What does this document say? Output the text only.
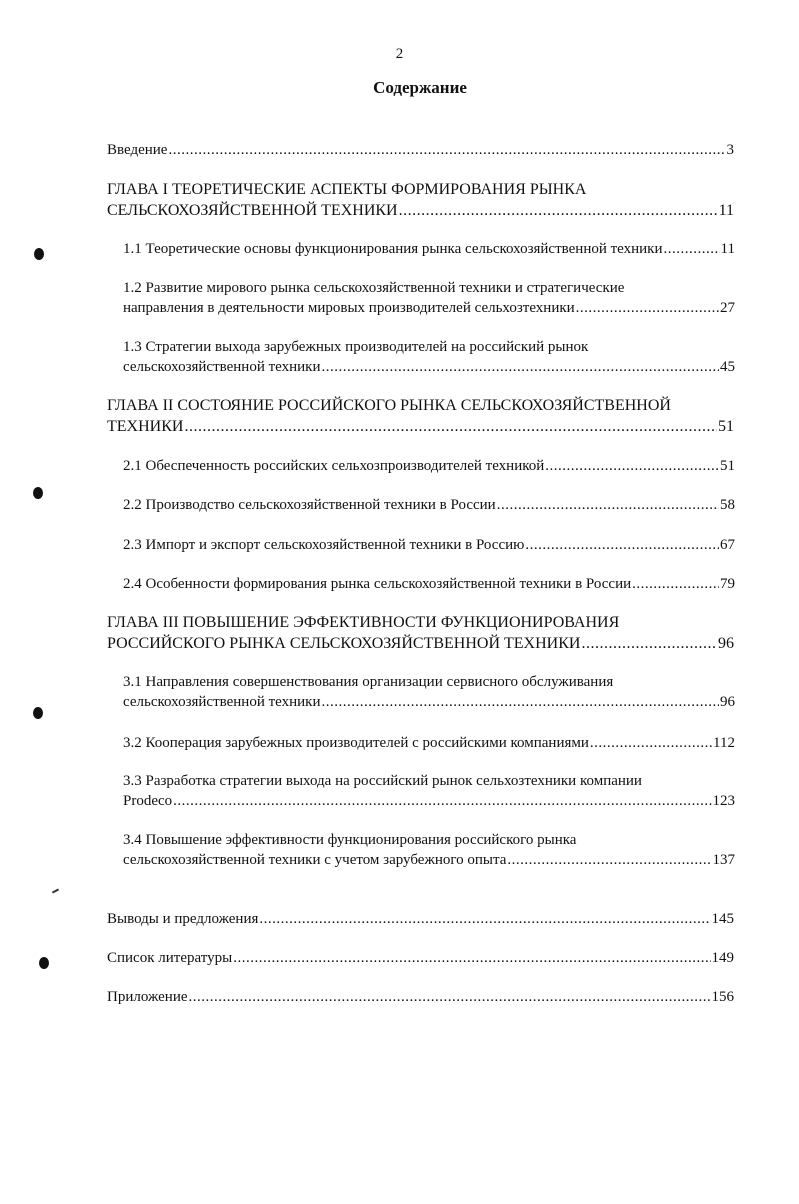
2
Содержание
Введение .....	3
ГЛАВА I ТЕОРЕТИЧЕСКИЕ АСПЕКТЫ ФОРМИРОВАНИЯ РЫНКА
СЕЛЬСКОХОЗЯЙСТВЕННОЙ ТЕХНИКИ .....	11
1.1 Теоретические основы функционирования рынка сельскохозяйственной техники .....	11
1.2 Развитие мирового рынка сельскохозяйственной техники и стратегические
направления в деятельности мировых производителей сельхозтехники .....	27
1.3 Стратегии выхода зарубежных производителей на российский рынок
сельскохозяйственной техники .....	45
ГЛАВА II СОСТОЯНИЕ РОССИЙСКОГО РЫНКА СЕЛЬСКОХОЗЯЙСТВЕННОЙ
ТЕХНИКИ .....	51
2.1 Обеспеченность российских сельхозпроизводителей техникой .....	51
2.2 Производство сельскохозяйственной техники в России .....	58
2.3 Импорт и экспорт сельскохозяйственной техники в Россию .....	67
2.4 Особенности формирования рынка сельскохозяйственной техники в России .....	79
ГЛАВА III ПОВЫШЕНИЕ ЭФФЕКТИВНОСТИ ФУНКЦИОНИРОВАНИЯ
РОССИЙСКОГО РЫНКА СЕЛЬСКОХОЗЯЙСТВЕННОЙ ТЕХНИКИ .....	96
3.1 Направления совершенствования организации сервисного обслуживания
сельскохозяйственной техники .....	96
3.2 Кооперация зарубежных производителей с российскими компаниями .....	112
3.3 Разработка стратегии выхода на российский рынок сельхозтехники компании
Prodeco .....	123
3.4 Повышение эффективности функционирования российского рынка
сельскохозяйственной техники с учетом зарубежного опыта .....	137
Выводы и предложения .....	145
Список литературы .....	149
Приложение .....	156
